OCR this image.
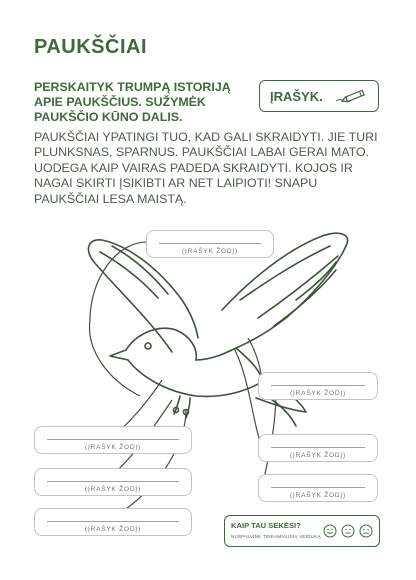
PAUKŠČIAI
PERSKAITYK TRUMPĄ ISTORIJĄ APIE PAUKŠČIUS. SUŽYMĖK PAUKŠČIO KŪNO DALIS.
ĮRAŠYK.
PAUKŠČIAI YPATINGI TUO, KAD GALI SKRAIDYTI. JIE TURI PLUNKSNAS, SPARNUS. PAUKŠČIAI LABAI GERAI MATO. UODEGA KAIP VAIRAS PADEDA SKRAIDYTI. KOJOS IR NAGAI SKIRTI ĮSIKIBTI AR NET LAIPIOTI! SNAPU PAUKŠČIAI LESA MAISTĄ.
(ĮRAŠYK ŽODĮ)
(ĮRAŠYK ŽODĮ)
(ĮRAŠYK ŽODĮ)
(ĮRAŠYK ŽODĮ)
(ĮRAŠYK ŽODĮ)
(ĮRAŠYK ŽODĮ)
(ĮRAŠYK ŽODĮ)	KAIP TAU SEKĖSI?
NUSPALVINK TINKAMIAUSIĄ VEIDUKĄ.
